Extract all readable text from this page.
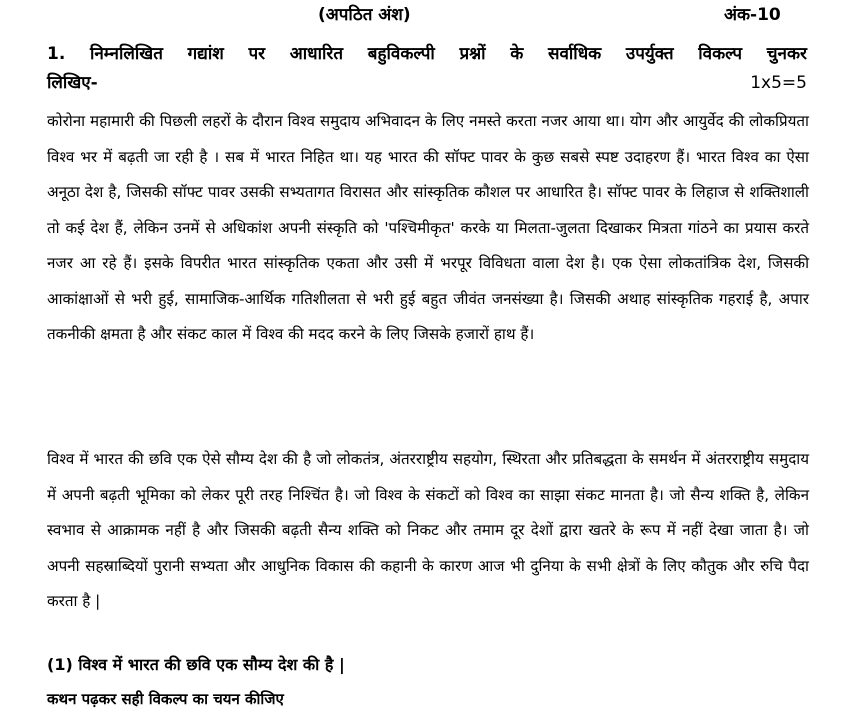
(अपठित अंश)	अंक-10
1. निम्नलिखित गद्यांश पर आधारित बहुविकल्पी प्रश्नों के सर्वाधिक उपर्युक्त विकल्प चुनकर
लिखिए-	1x5=5

कोरोना महामारी की पिछली लहरों के दौरान विश्व समुदाय अभिवादन के लिए नमस्ते करता नजर आया था। योग और आयुर्वेद की लोकप्रियता विश्व भर में बढ़ती जा रही है । सब में भारत निहित था। यह भारत की सॉफ्ट पावर के कुछ सबसे स्पष्ट उदाहरण हैं। भारत विश्व का ऐसा अनूठा देश है, जिसकी सॉफ्ट पावर उसकी सभ्यतागत विरासत और सांस्कृतिक कौशल पर आधारित है। सॉफ्ट पावर के लिहाज से शक्तिशाली तो कई देश हैं, लेकिन उनमें से अधिकांश अपनी संस्कृति को 'पश्चिमीकृत' करके या मिलता-जुलता दिखाकर मित्रता गांठने का प्रयास करते नजर आ रहे हैं। इसके विपरीत भारत सांस्कृतिक एकता और उसी में भरपूर विविधता वाला देश है। एक ऐसा लोकतांत्रिक देश, जिसकी आकांक्षाओं से भरी हुई, सामाजिक-आर्थिक गतिशीलता से भरी हुई बहुत जीवंत जनसंख्या है। जिसकी अथाह सांस्कृतिक गहराई है, अपार तकनीकी क्षमता है और संकट काल में विश्व की मदद करने के लिए जिसके हजारों हाथ हैं।

विश्व में भारत की छवि एक ऐसे सौम्य देश की है जो लोकतंत्र, अंतरराष्ट्रीय सहयोग, स्थिरता और प्रतिबद्धता के समर्थन में अंतरराष्ट्रीय समुदाय में अपनी बढ़ती भूमिका को लेकर पूरी तरह निश्चिंत है। जो विश्व के संकटों को विश्व का साझा संकट मानता है। जो सैन्य शक्ति है, लेकिन स्वभाव से आक्रामक नहीं है और जिसकी बढ़ती सैन्य शक्ति को निकट और तमाम दूर देशों द्वारा खतरे के रूप में नहीं देखा जाता है। जो अपनी सहस्राब्दियों पुरानी सभ्यता और आधुनिक विकास की कहानी के कारण आज भी दुनिया के सभी क्षेत्रों के लिए कौतुक और रुचि पैदा करता है |

(1) विश्व में भारत की छवि एक सौम्य देश की है |
कथन पढ़कर सही विकल्प का चयन कीजिए
